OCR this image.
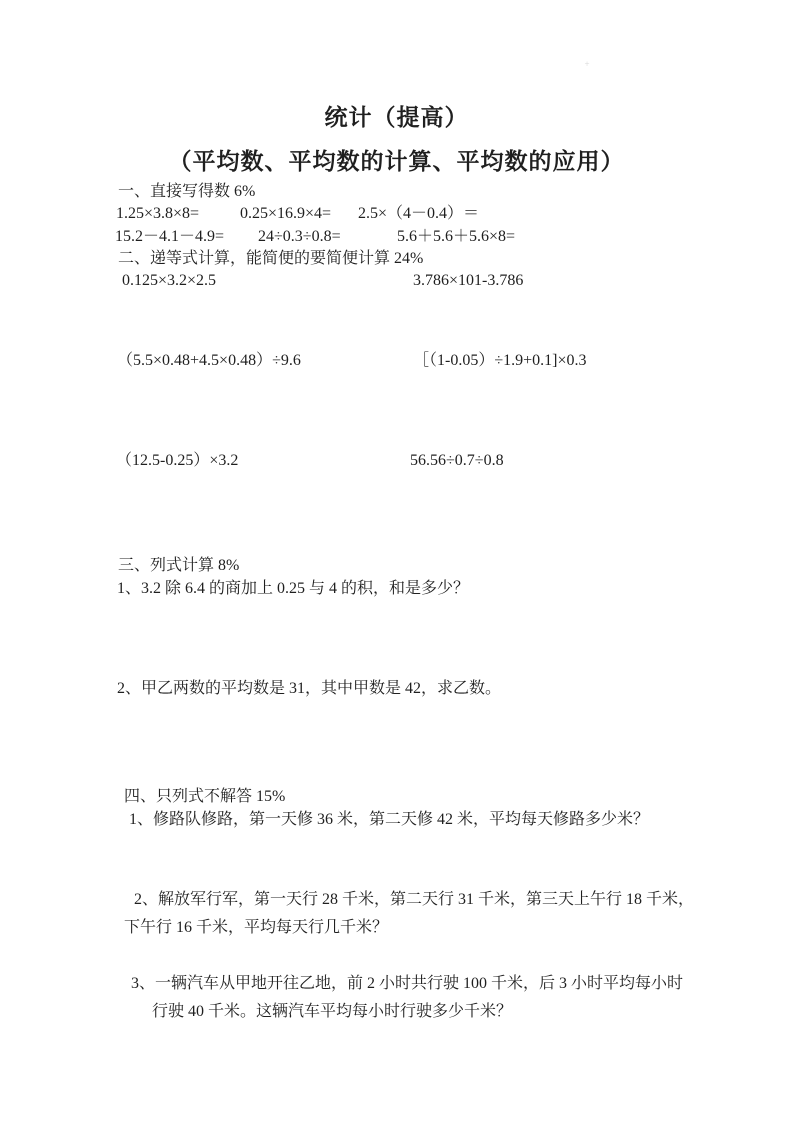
+
统计（提高）
（平均数、平均数的计算、平均数的应用）
一、直接写得数 6%
1.25×3.8×8=	0.25×16.9×4= 2.5×（4－0.4）＝
15.2－4.1－4.9= 24÷0.3÷0.8=	5.6＋5.6＋5.6×8=
二、递等式计算，能简便的要简便计算 24%
0.125×3.2×2.5	3.786×101-3.786
（5.5×0.48+4.5×0.48）÷9.6	［（1-0.05）÷1.9+0.1]×0.3
（12.5-0.25）×3.2	56.56÷0.7÷0.8
三、列式计算 8%
1、3.2 除 6.4 的商加上 0.25 与 4 的积，和是多少？
2、甲乙两数的平均数是 31，其中甲数是 42，求乙数。
四、只列式不解答 15%
1、修路队修路，第一天修 36 米，第二天修 42 米，平均每天修路多少米？
2、解放军行军，第一天行 28 千米，第二天行 31 千米，第三天上午行 18 千米，
下午行 16 千米，平均每天行几千米？
3、一辆汽车从甲地开往乙地，前 2 小时共行驶 100 千米，后 3 小时平均每小时
行驶 40 千米。这辆汽车平均每小时行驶多少千米？
